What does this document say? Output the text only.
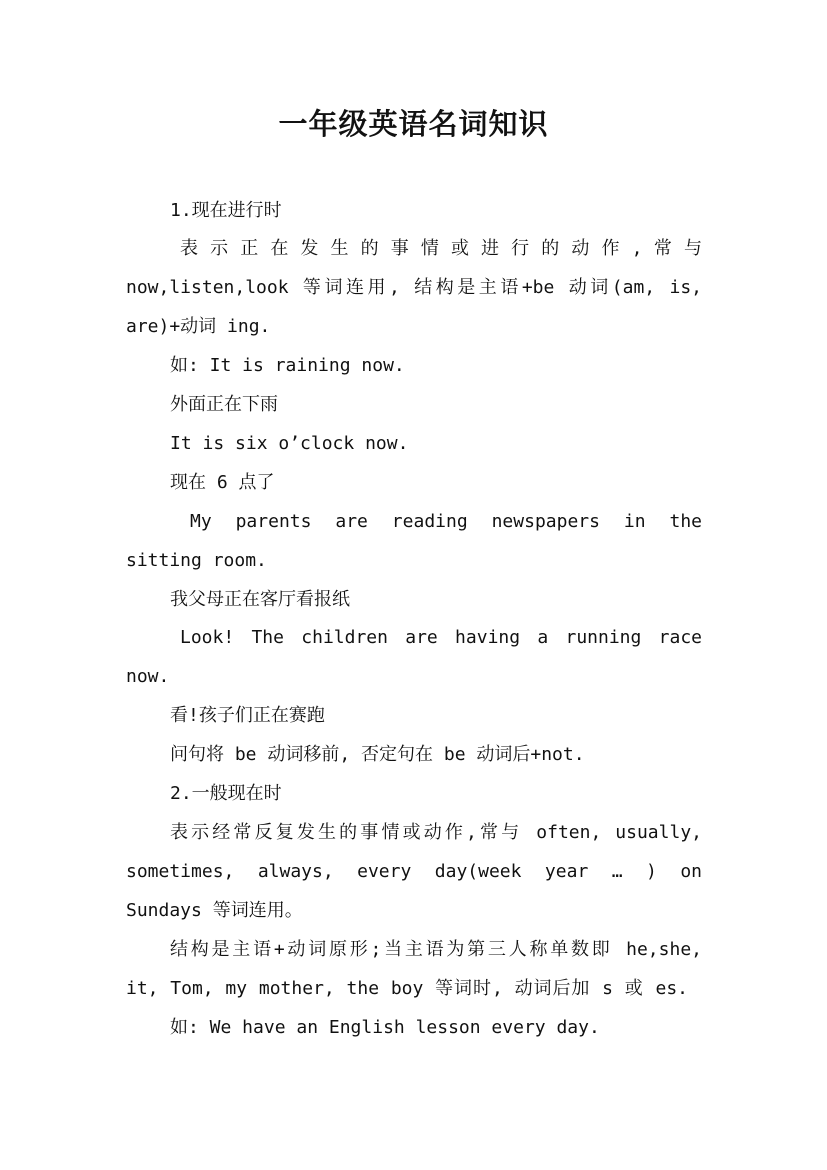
一年级英语名词知识
1.现在进行时
表 示 正 在 发 生 的 事 情 或 进 行 的 动 作 , 常 与
now,listen,look 等词连用, 结构是主语+be 动词(am, is,
are)+动词 ing.
如: It is raining now.
外面正在下雨
It is six o’clock now.
现在 6 点了
My parents are reading newspapers in the
sitting room.
我父母正在客厅看报纸
Look! The children are having a running race
now.
看!孩子们正在赛跑
问句将 be 动词移前, 否定句在 be 动词后+not.
2.一般现在时
表示经常反复发生的事情或动作,常与 often, usually,
sometimes, always, every day(week year … ) on
Sundays 等词连用。
结构是主语+动词原形;当主语为第三人称单数即 he,she,
it, Tom, my mother, the boy 等词时, 动词后加 s 或 es.
如: We have an English lesson every day.
